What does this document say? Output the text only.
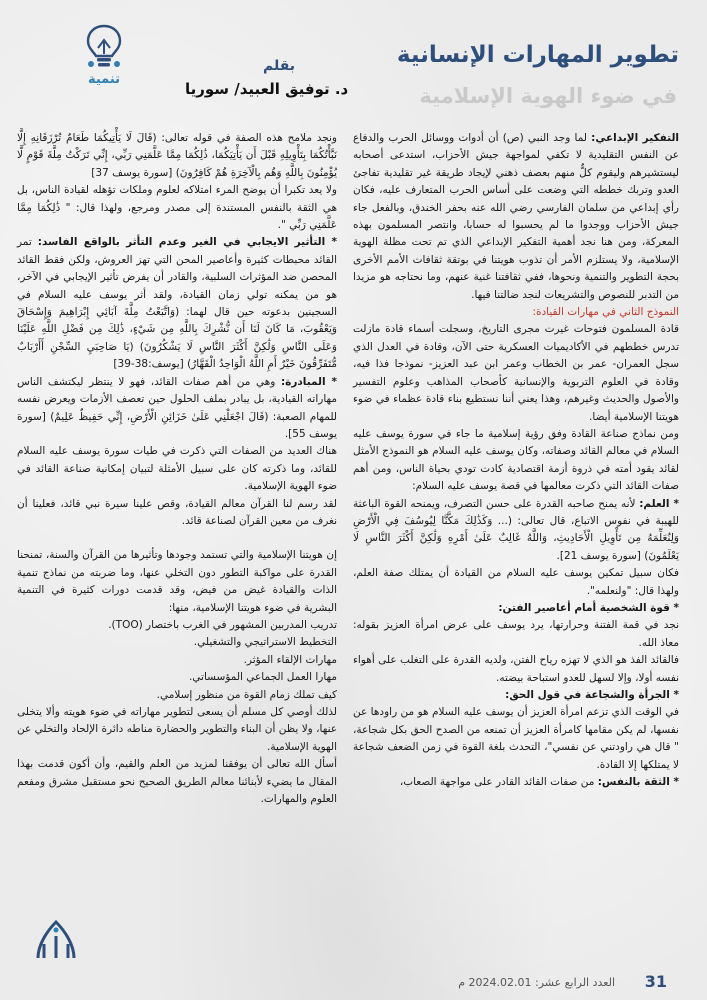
تطوير المهارات الإنسانية
في ضوء الهوية الإسلامية
بقلم
د. توفيق العبيد/ سوريا
تنمية

التفكير الإبداعي: لما وجد النبي (ص) أن أدوات ووسائل الحرب والدفاع عن النفس التقليدية لا تكفي لمواجهة جيش الأحزاب، استدعى أصحابه ليستشيرهم وليقوم كلٌّ منهم بعصف ذهني لإيجاد طريقة غير تقليدية تفاجئ العدو وتربك خططه التي وضعت على أساس الحرب المتعارف عليه، فكان رأي إبداعي من سلمان الفارسي رضي الله عنه بحفر الخندق، وبالفعل جاء جيش الأحزاب ووجدوا ما لم يحسبوا له حسابا، وانتصر المسلمون بهذه المعركة، ومن هنا نجد أهمية التفكير الإبداعي الذي تم تحت مظلة الهوية الإسلامية، ولا يستلزم الأمر أن تذوب هويتنا في بوتقة ثقافات الأمم الأخرى بحجة التطوير والتنمية ونحوها، ففي ثقافتنا غنية عنهم، وما نحتاجه هو مزيدا من التدبر للنصوص والتشريعات لنجد ضالتنا فيها.

النموذج الثاني في مهارات القيادة:

قادة المسلمون فتوحات غيرت مجرى التاريخ، وسجلت أسماء قادة مازلت تدرس خططهم في الأكاديميات العسكرية حتى الآن، وقادة في العدل الذي سجل العمران- عمر بن الخطاب وعمر ابن عبد العزيز- نموذجا فذا فيه، وقادة في العلوم التربوية والإنسانية كأصحاب المذاهب وعلوم التفسير والأصول والحديث وغيرهم، وهذا يعني أننا نستطيع بناء قادة عظماء في ضوء هويتنا الإسلامية أيضا.

ومن نماذج صناعة القادة وفق رؤية إسلامية ما جاء في سورة يوسف عليه السلام في معالم القائد وصفاته، وكان يوسف عليه السلام هو النموذج الأمثل لقائد يقود أمته في ذروة أزمة اقتصادية كادت تودي بحياة الناس، ومن أهم صفات القائد التي ذكرت معالمها في قصة يوسف عليه السلام:

* العلم: لأنه يمنح صاحبه القدرة على حسن التصرف، ويمنحه القوة الباعثة للهيبة في نفوس الاتباع، قال تعالى: (... وَكَذَٰلِكَ مَكَّنَّا لِيُوسُفَ فِي الْأَرْضِ وَلِنُعَلِّمَهُ مِن تَأْوِيلِ الْأَحَادِيثِ، وَاللَّهُ غَالِبٌ عَلَىٰ أَمْرِهِ وَلَٰكِنَّ أَكْثَرَ النَّاسِ لَا يَعْلَمُونَ) [سورة يوسف 21].

فكان سبيل تمكين يوسف عليه السلام من القيادة أن يمتلك صفة العلم، ولهذا قال: "ولنعلمه".

* قوة الشخصية أمام أعاصير الفتن:

نجد في قمة الفتنة وحرارتها، يرد يوسف على عرض امرأة العزيز بقوله: معاذ الله.

فالقائد الفذ هو الذي لا تهزه رياح الفتن، ولديه القدرة على التغلب على أهواء نفسه أولا، وإلا لسهل للعدو استباحة بيضته.

* الجرأة والشجاعة في قول الحق:

في الوقت الذي تزعم امرأة العزيز أن يوسف عليه السلام هو من راودها عن نفسها، لم يكن مقامها كامرأة العزيز أن تمنعه من الصدح الحق بكل شجاعة، " قال هي راودتني عن نفسي"، التحدث بلغة القوة في زمن الضعف شجاعة لا يمتلكها إلا القادة.

* الثقة بالنفس: من صفات القائد القادر على مواجهة الصعاب،

ونجد ملامح هذه الصفة في قوله تعالى: (قَالَ لَا يَأْتِيكُمَا طَعَامٌ تُرْزَقَانِهِ إِلَّا نَبَّأْتُكُمَا بِتَأْوِيلِهِ قَبْلَ أَن يَأْتِيَكُمَا، ذَٰلِكُمَا مِمَّا عَلَّمَنِي رَبِّي، إِنِّي تَرَكْتُ مِلَّةَ قَوْمٍ لَّا يُؤْمِنُونَ بِاللَّهِ وَهُم بِالْآخِرَةِ هُمْ كَافِرُونَ) [سورة يوسف 37]

ولا يعد تكبرا أن يوضح المرء امتلاكه لعلوم وملكات تؤهله لقيادة الناس، بل هي الثقة بالنفس المستندة إلى مصدر ومرجع، ولهذا قال: " ذَٰلِكُمَا مِمَّا عَلَّمَنِي رَبِّي ".

* التأثير الايجابي في الغير وعدم التأثر بالواقع الفاسد: تمر القائد محبطات كثيرة وأعاصير المحن التي تهز العروش، ولكن فقط القائد المحصن ضد المؤثرات السلبية، والقادر أن يفرض تأثير الإيجابي في الآخر، هو من يمكنه تولي زمان القيادة، ولقد أثر يوسف عليه السلام في السجينين بدعوته حين قال لهما: (وَاتَّبَعْتُ مِلَّةَ آبَائِي إِبْرَاهِيمَ وَإِسْحَاقَ وَيَعْقُوبَ، مَا كَانَ لَنَا أَن نُّشْرِكَ بِاللَّهِ مِن شَيْءٍ، ذَٰلِكَ مِن فَضْلِ اللَّهِ عَلَيْنَا وَعَلَى النَّاسِ وَلَٰكِنَّ أَكْثَرَ النَّاسِ لَا يَشْكُرُونَ) (يَا صَاحِبَيِ السِّجْنِ أَأَرْبَابٌ مُّتَفَرِّقُونَ خَيْرٌ أَمِ اللَّهُ الْوَاحِدُ الْقَهَّارُ) [يوسف:38-39]

* المبادرة: وهي من أهم صفات القائد، فهو لا ينتظر ليكتشف الناس مهاراته القيادية، بل يبادر بملف الحلول حين تعصف الأزمات ويعرض نفسه للمهام الصعبة: (قَالَ اجْعَلْنِي عَلَىٰ خَزَائِنِ الْأَرْضِ، إِنِّي حَفِيظٌ عَلِيمٌ) [سورة يوسف 55].

هناك العديد من الصفات التي ذكرت في طيات سورة يوسف عليه السلام للقائد، وما ذكرته كان على سبيل الأمثلة لتبيان إمكانية صناعة القائد في ضوء الهوية الإسلامية.

لقد رسم لنا القرآن معالم القيادة، وقص علينا سيرة نبي قائد، فعلينا أن نغرف من معين القرآن لصناعة قائد.

إن هويتنا الإسلامية والتي تستمد وجودها وتأثيرها من القرآن والسنة، تمنحنا القدرة على مواكبة التطور دون التخلي عنها، وما ضربته من نماذج تنمية الذات والقيادة غيض من فيض، وقد قدمت دورات كثيرة في التنمية البشرية في ضوء هويتنا الإسلامية، منها:

تدريب المدربين المشهور في الغرب باختصار (TOO).

التخطيط الاستراتيجي والتشغيلي.

مهارات الإلقاء المؤثر.

مهارا العمل الجماعي المؤسساتي.

كيف تملك زمام القوة من منظور إسلامي.

لذلك أوصي كل مسلم أن يسعى لتطوير مهاراته في ضوء هويته وألا يتخلى عنها، ولا يظن أن البناء والتطوير والحضارة مناطه دائرة الإلحاد والتخلي عن الهوية الإسلامية.

أسأل الله تعالى أن يوفقنا لمزيد من العلم والقيم، وأن أكون قدمت بهذا المقال ما يضيء لأبنائنا معالم الطريق الصحيح نحو مستقبل مشرق ومفعم العلوم والمهارات.

31
العدد الرابع عشر: 2024.02.01 م
